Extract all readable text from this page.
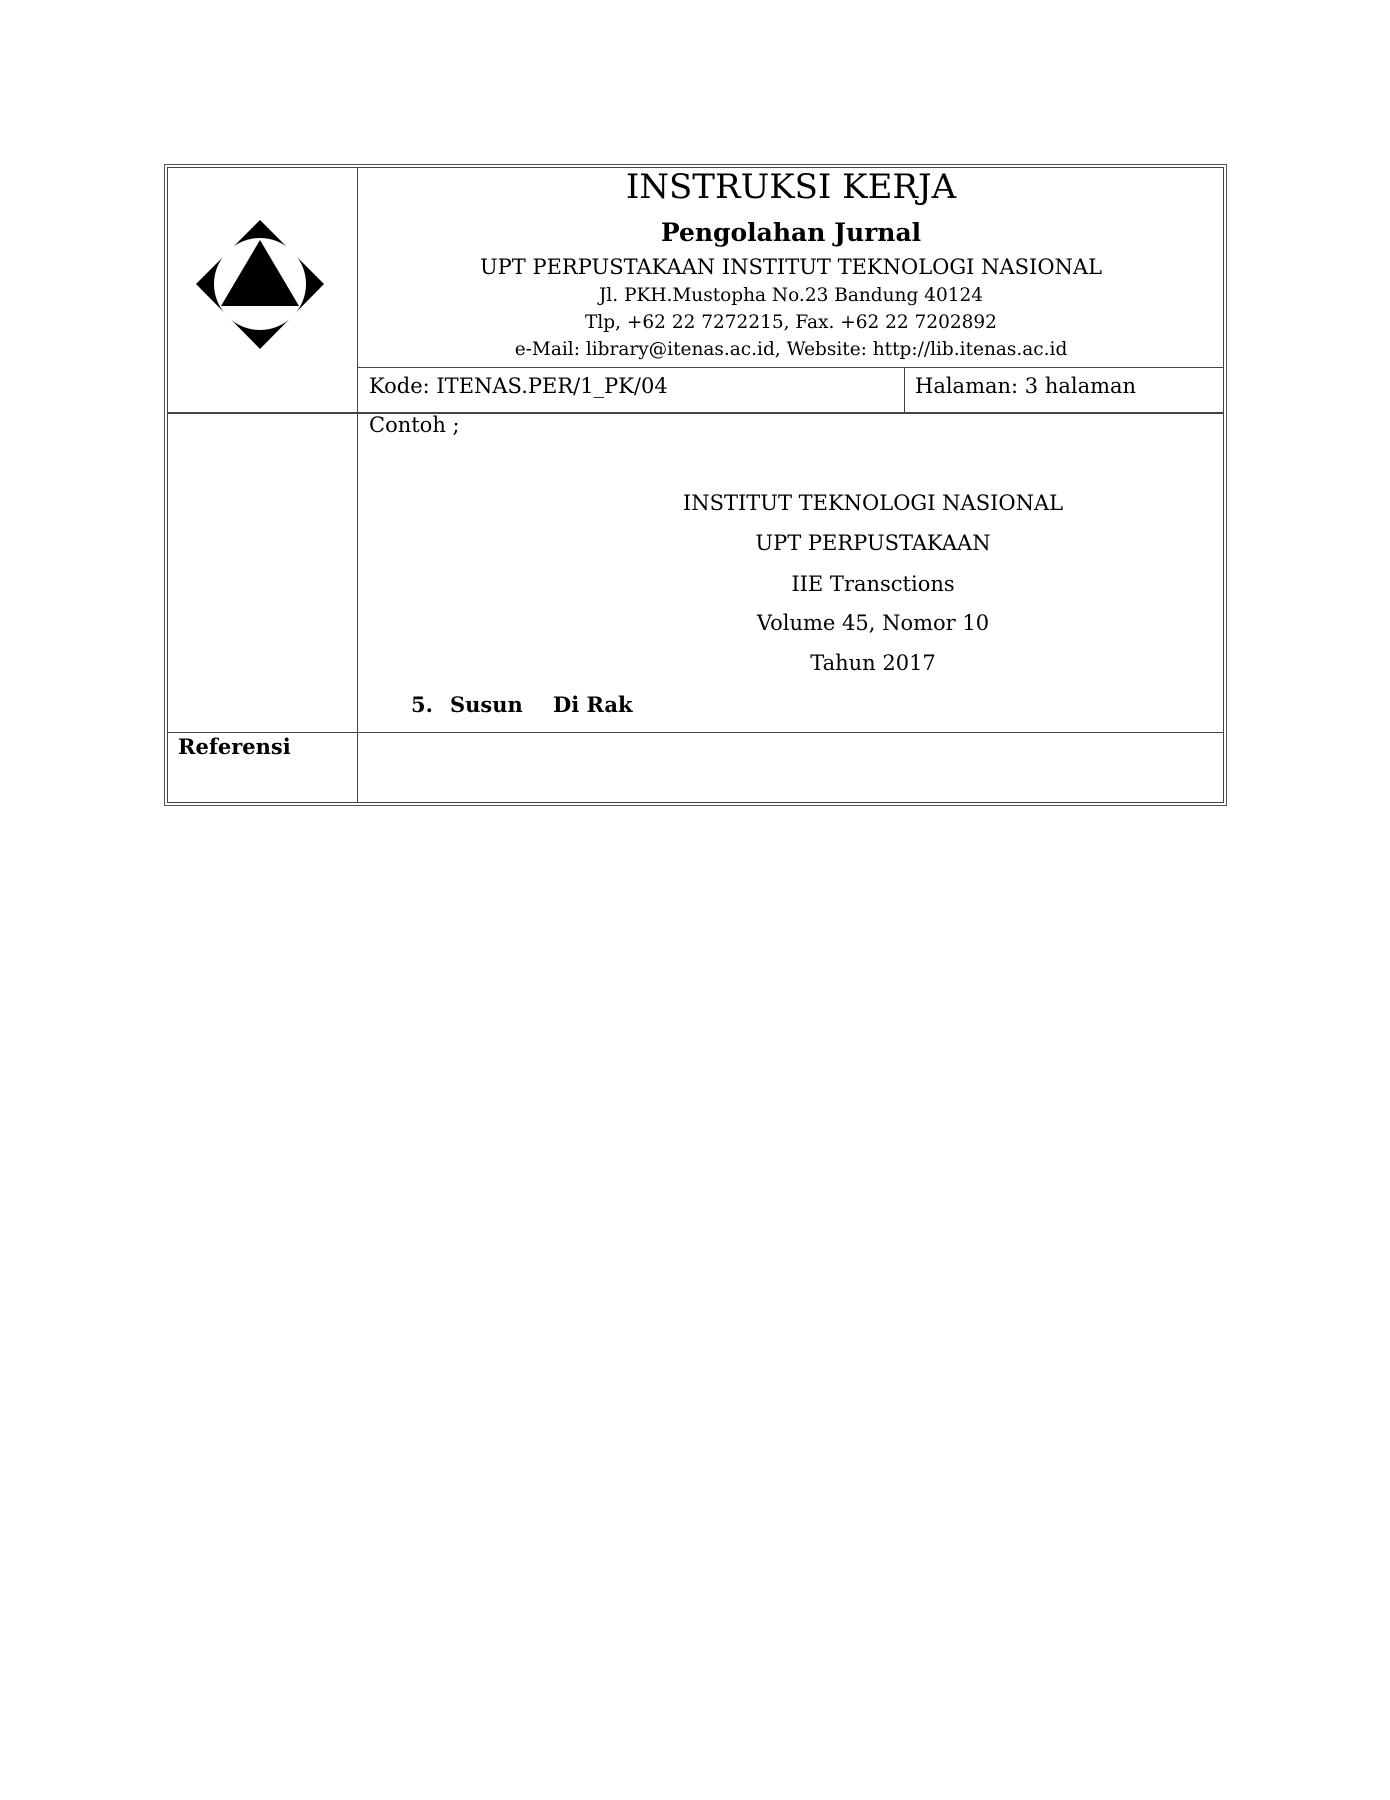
INSTRUKSI KERJA
Pengolahan Jurnal
UPT PERPUSTAKAAN INSTITUT TEKNOLOGI NASIONAL
Jl. PKH.Mustopha No.23 Bandung 40124
Tlp, +62 22 7272215, Fax. +62 22 7202892
e-Mail: library@itenas.ac.id, Website: http://lib.itenas.ac.id
Kode: ITENAS.PER/1_PK/04	Halaman: 3 halaman
Contoh ;
INSTITUT TEKNOLOGI NASIONAL
UPT PERPUSTAKAAN
IIE Transctions
Volume 45, Nomor 10
Tahun 2017
5. Susun Di Rak
Referensi
